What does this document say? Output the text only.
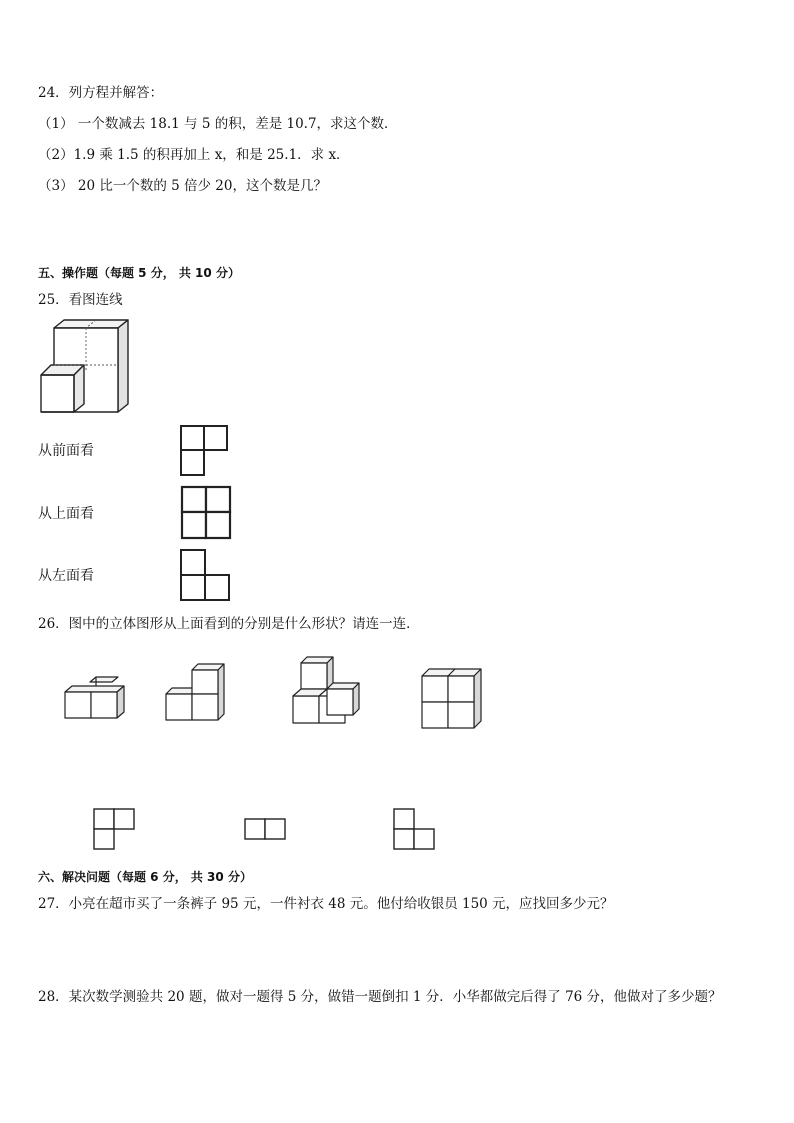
24．列方程并解答：
（1） 一个数减去 18.1 与 5 的积，差是 10.7，求这个数．
（2）1.9 乘 1.5 的积再加上 x，和是 25.1．求 x．
（3） 20 比一个数的 5 倍少 20，这个数是几？
五、操作题（每题 5 分， 共 10 分）
25．看图连线
从前面看
从上面看
从左面看
26．图中的立体图形从上面看到的分别是什么形状？请连一连．
六、解决问题（每题 6 分， 共 30 分）
27．小亮在超市买了一条裤子 95 元，一件衬衣 48 元。他付给收银员 150 元，应找回多少元？
28．某次数学测验共 20 题，做对一题得 5 分，做错一题倒扣 1 分．小华都做完后得了 76 分，他做对了多少题？
